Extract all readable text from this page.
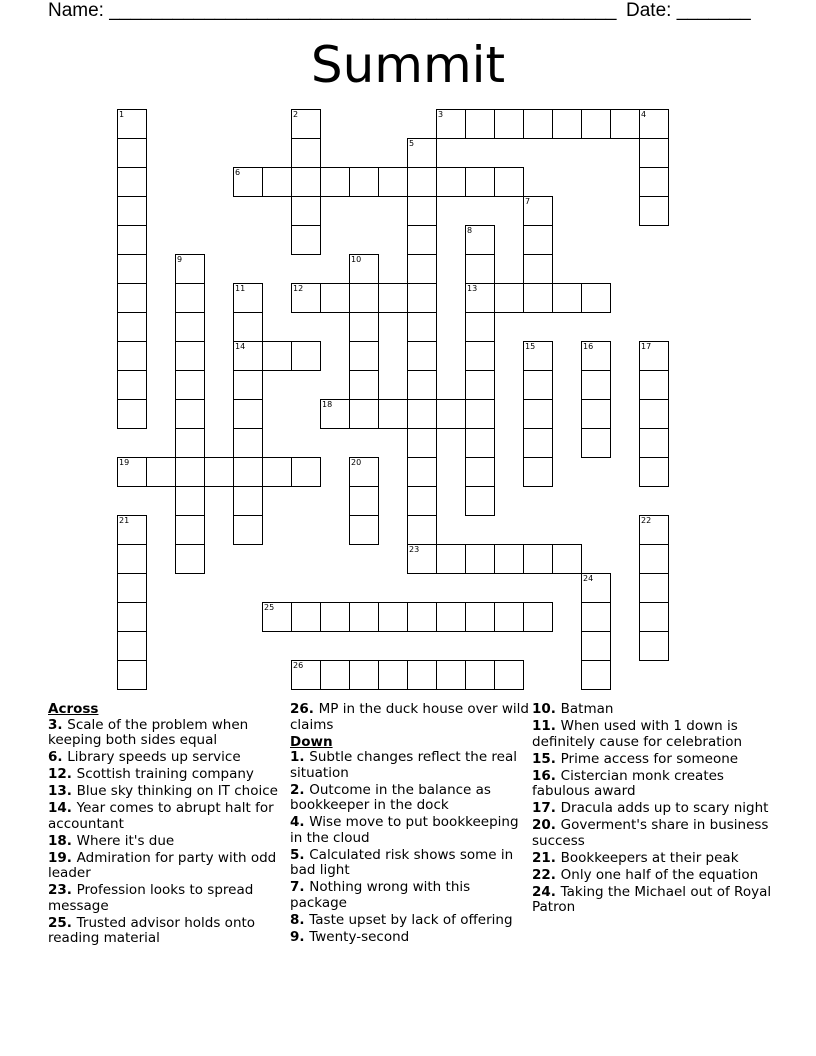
Name: ________________________________________________ Date: _______
Summit
1	2	3	4
5
23
6
7
8
13
9	10
11
14
12
15	16	17
18
19	20
21	22
24
25
26
Across
3. Scale of the problem when keeping both sides equal
6. Library speeds up service
12. Scottish training company
13. Blue sky thinking on IT choice
14. Year comes to abrupt halt for accountant
18. Where it's due
19. Admiration for party with odd leader
23. Profession looks to spread message
25. Trusted advisor holds onto reading material
26. MP in the duck house over wild claims
Down
1. Subtle changes reflect the real situation
2. Outcome in the balance as bookkeeper in the dock
4. Wise move to put bookkeeping in the cloud
5. Calculated risk shows some in bad light
7. Nothing wrong with this package
8. Taste upset by lack of offering
9. Twenty-second
10. Batman
11. When used with 1 down is definitely cause for celebration
15. Prime access for someone
16. Cistercian monk creates fabulous award
17. Dracula adds up to scary night
20. Goverment's share in business success
21. Bookkeepers at their peak
22. Only one half of the equation
24. Taking the Michael out of Royal Patron
